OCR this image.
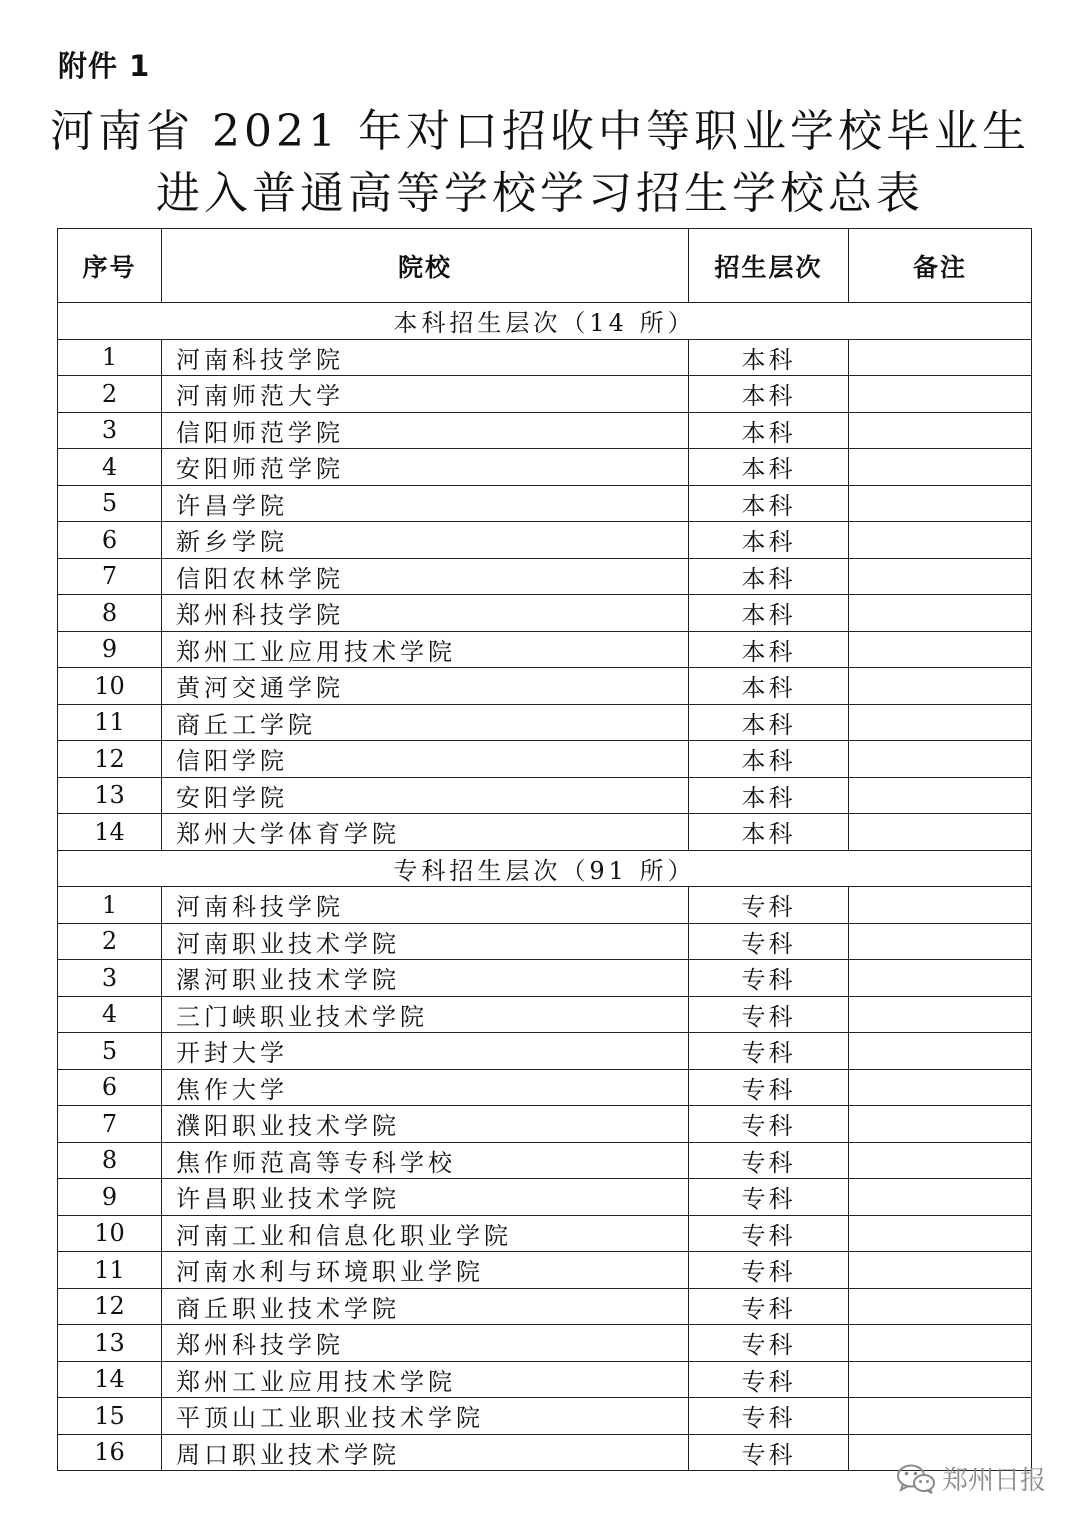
附件 1
河南省 2021 年对口招收中等职业学校毕业生
进入普通高等学校学习招生学校总表
序号	院校	招生层次	备注
本科招生层次（14 所）			
1	河南科技学院	本科	
2	河南师范大学	本科	
3	信阳师范学院	本科	
4	安阳师范学院	本科	
5	许昌学院	本科	
6	新乡学院	本科	
7	信阳农林学院	本科	
8	郑州科技学院	本科	
9	郑州工业应用技术学院	本科	
10	黄河交通学院	本科	
11	商丘工学院	本科	
12	信阳学院	本科	
13	安阳学院	本科	
14	郑州大学体育学院	本科	
专科招生层次（91 所）			
1	河南科技学院	专科	
2	河南职业技术学院	专科	
3	漯河职业技术学院	专科	
4	三门峡职业技术学院	专科	
5	开封大学	专科	
6	焦作大学	专科	
7	濮阳职业技术学院	专科	
8	焦作师范高等专科学校	专科	
9	许昌职业技术学院	专科	
10	河南工业和信息化职业学院	专科	
11	河南水利与环境职业学院	专科	
12	商丘职业技术学院	专科	
13	郑州科技学院	专科	
14	郑州工业应用技术学院	专科	
15	平顶山工业职业技术学院	专科	
16	周口职业技术学院	专科	
郑州日报
